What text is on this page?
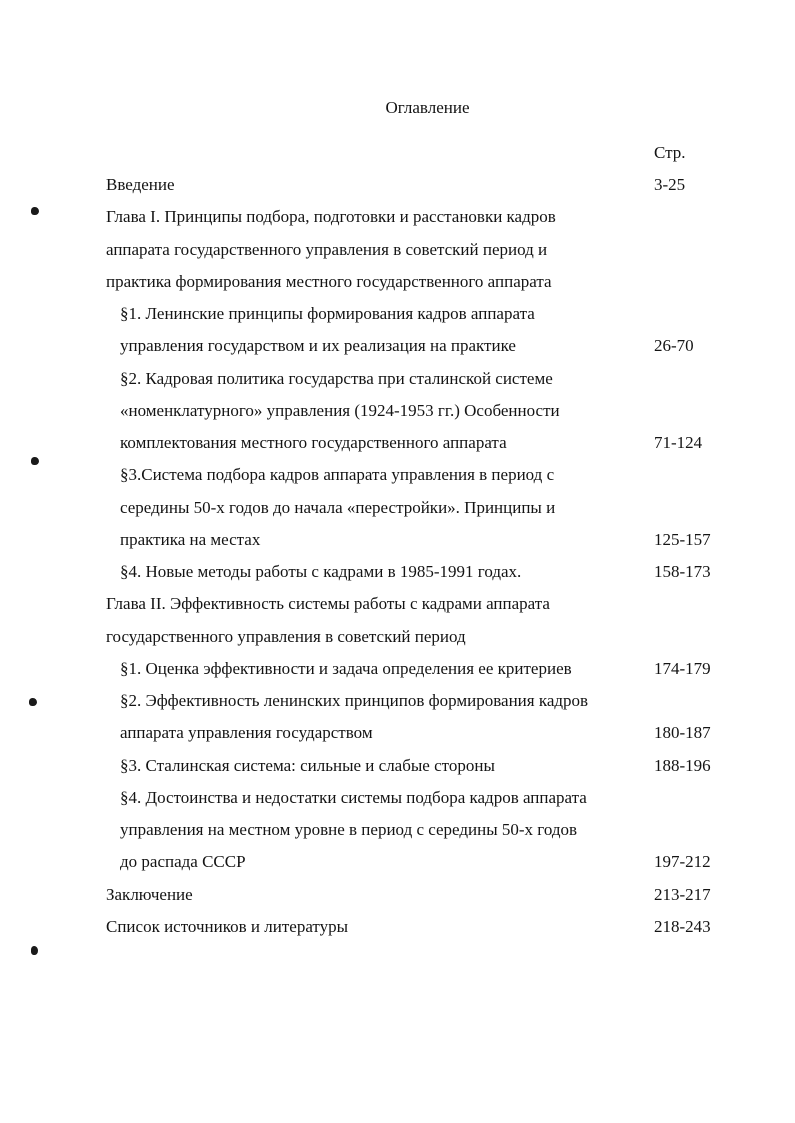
Оглавление
Стр.
Введение	3-25
Глава I. Принципы подбора, подготовки и расстановки кадров
аппарата государственного управления в советский период и
практика формирования местного государственного аппарата
§1. Ленинские принципы формирования кадров аппарата
управления государством и их реализация на практике	26-70
§2. Кадровая политика государства при сталинской системе
«номенклатурного» управления (1924-1953 гг.) Особенности
комплектования местного государственного аппарата	71-124
§3.Система подбора кадров аппарата управления в период с
середины 50-х годов до начала «перестройки». Принципы и
практика на местах	125-157
§4. Новые методы работы с кадрами в 1985-1991 годах.	158-173
Глава II. Эффективность системы работы с кадрами аппарата
государственного управления в советский период
§1. Оценка эффективности и задача определения ее критериев	174-179
§2. Эффективность ленинских принципов формирования кадров
аппарата управления государством	180-187
§3. Сталинская система: сильные и слабые стороны	188-196
§4. Достоинства и недостатки системы подбора кадров аппарата
управления на местном уровне в период с середины 50-х годов
до распада СССР	197-212
Заключение	213-217
Список источников и литературы	218-243
